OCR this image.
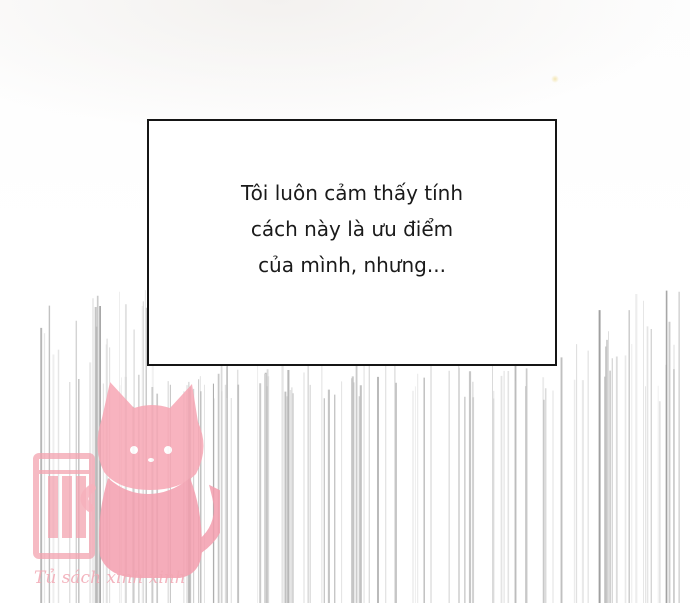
Tôi luôn cảm thấy tính
cách này là ưu điểm
của mình, nhưng...
Tủ sách xinh xinh
